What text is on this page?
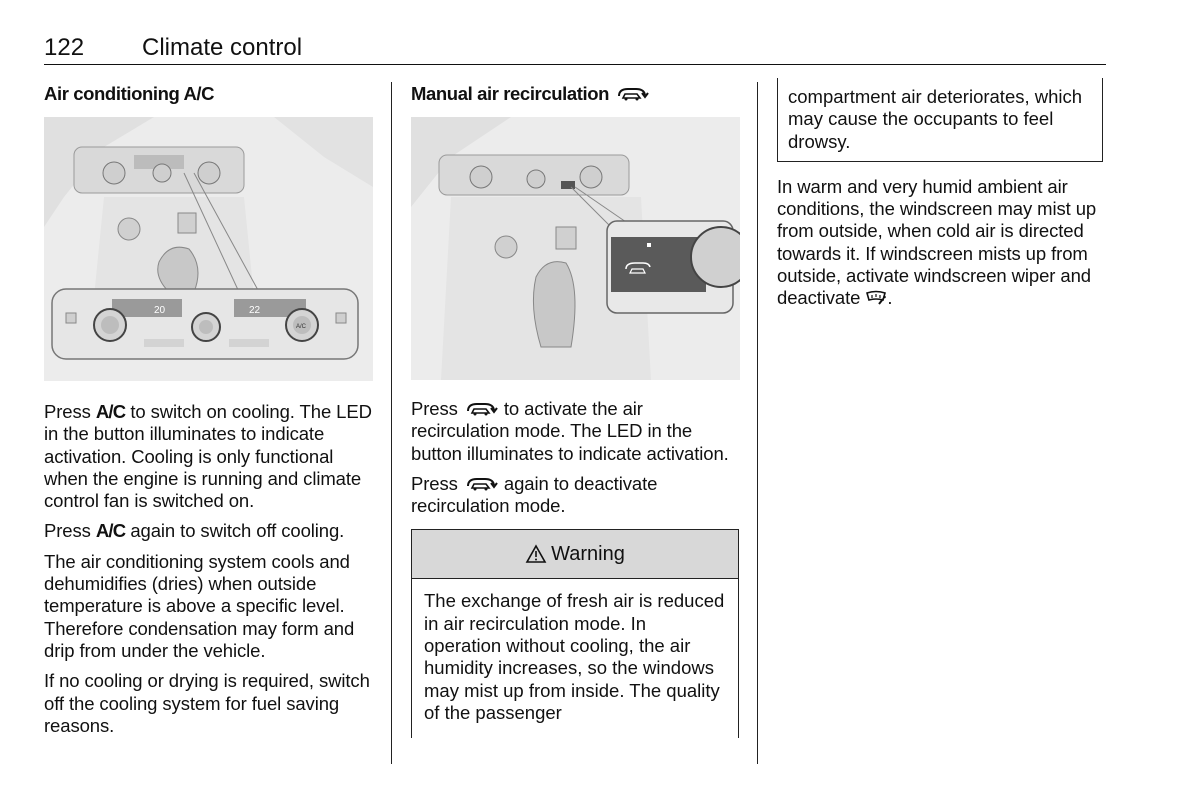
122 Climate control
Air conditioning A/C
20	22
A/C

Press A/C to switch on cooling. The LED in the button illuminates to indicate activation. Cooling is only functional when the engine is running and climate control fan is switched on.

Press A/C again to switch off cooling.

The air conditioning system cools and dehumidifies (dries) when outside temperature is above a specific level. Therefore condensation may form and drip from under the vehicle.

If no cooling or drying is required, switch off the cooling system for fuel saving reasons.

Manual air recirculation

Press  to activate the air recirculation mode. The LED in the button illuminates to indicate activation.

Press  again to deactivate recirculation mode.

Warning
The exchange of fresh air is reduced in air recirculation mode. In operation without cooling, the air humidity increases, so the windows may mist up from inside. The quality of the passenger
compartment air deteriorates, which may cause the occupants to feel drowsy.

In warm and very humid ambient air conditions, the windscreen may mist up from outside, when cold air is directed towards it. If windscreen mists up from outside, activate windscreen wiper and deactivate .
